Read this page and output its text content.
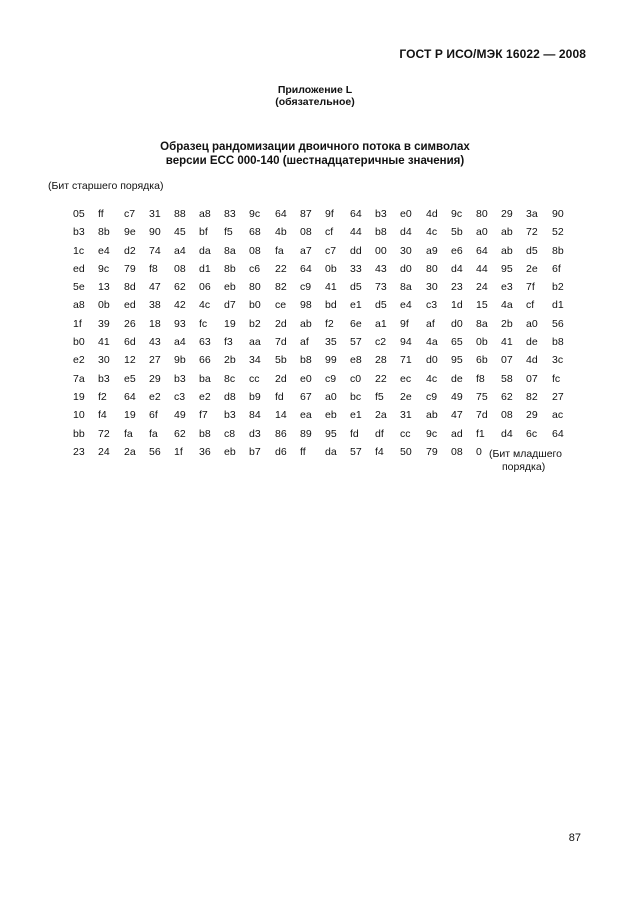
ГОСТ Р ИСО/МЭК 16022 — 2008
Приложение L
(обязательное)
Образец рандомизации двоичного потока в символах
версии ЕСС 000-140 (шестнадцатеричные значения)
(Бит старшего порядка)
05 ff c7 31 88 a8 83 9c 64 87 9f 64 b3 e0 4d 9c 80 29 3a 90
b3 8b 9e 90 45 bf f5 68 4b 08 cf 44 b8 d4 4c 5b a0 ab 72 52
1c e4 d2 74 a4 da 8a 08 fa a7 c7 dd 00 30 a9 e6 64 ab d5 8b
ed 9c 79 f8 08 d1 8b c6 22 64 0b 33 43 d0 80 d4 44 95 2e 6f
5e 13 8d 47 62 06 eb 80 82 c9 41 d5 73 8a 30 23 24 e3 7f b2
a8 0b ed 38 42 4c d7 b0 ce 98 bd e1 d5 e4 c3 1d 15 4a cf d1
1f 39 26 18 93 fc 19 b2 2d ab f2 6e a1 9f af d0 8a 2b a0 56
b0 41 6d 43 a4 63 f3 aa 7d af 35 57 c2 94 4a 65 0b 41 de b8
e2 30 12 27 9b 66 2b 34 5b b8 99 e8 28 71 d0 95 6b 07 4d 3c
7a b3 e5 29 b3 ba 8c cc 2d e0 c9 c0 22 ec 4c de f8 58 07 fc
19 f2 64 e2 c3 e2 d8 b9 fd 67 a0 bc f5 2e c9 49 75 62 82 27
10 f4 19 6f 49 f7 b3 84 14 ea eb e1 2a 31 ab 47 7d 08 29 ac
bb 72 fa fa 62 b8 c8 d3 86 89 95 fd df cc 9c ad f1 d4 6c 64
23 24 2a 56 1f 36 eb b7 d6 ff da 57 f4 50 79 08 0 (Бит младшего
порядка)
87
